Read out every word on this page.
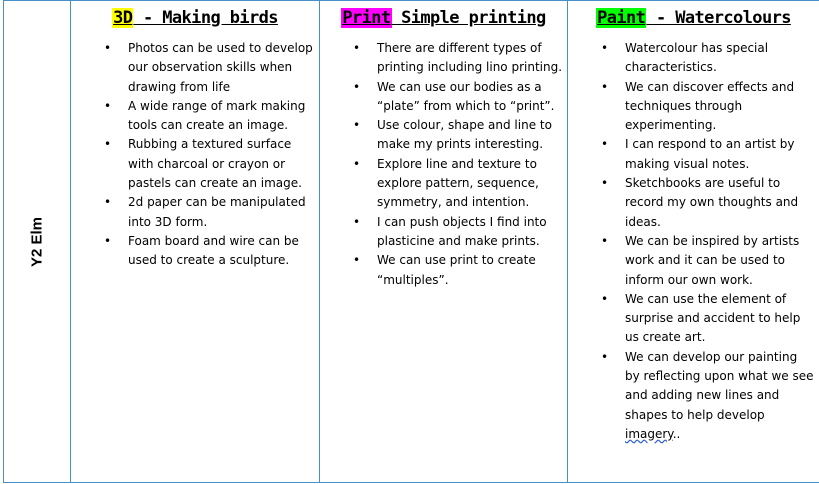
Y2 Elm

3D - Making birds
• Photos can be used to develop our observation skills when drawing from life
• A wide range of mark making tools can create an image.
• Rubbing a textured surface with charcoal or crayon or pastels can create an image.
• 2d paper can be manipulated into 3D form.
• Foam board and wire can be used to create a sculpture.

Print Simple printing
• There are different types of printing including lino printing.
• We can use our bodies as a “plate” from which to “print”.
• Use colour, shape and line to make my prints interesting.
• Explore line and texture to explore pattern, sequence, symmetry, and intention.
• I can push objects I find into plasticine and make prints.
• We can use print to create “multiples”.

Paint - Watercolours
• Watercolour has special characteristics.
• We can discover effects and techniques through experimenting.
• I can respond to an artist by making visual notes.
• Sketchbooks are useful to record my own thoughts and ideas.
• We can be inspired by artists work and it can be used to inform our own work.
• We can use the element of surprise and accident to help us create art.
• We can develop our painting by reflecting upon what we see and adding new lines and shapes to help develop imagery..
